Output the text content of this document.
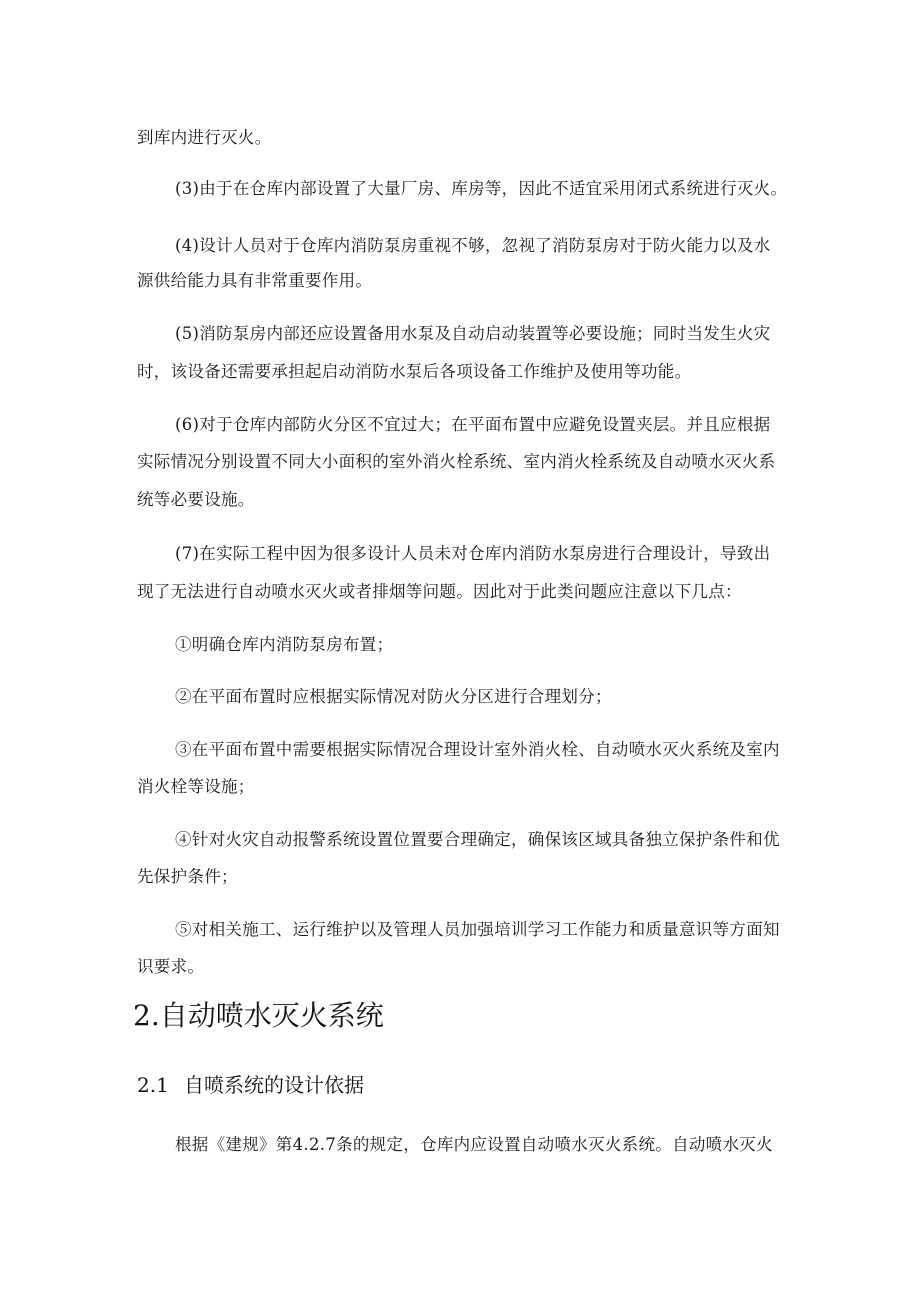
到库内进行灭火。
(3)由于在仓库内部设置了大量厂房、库房等，因此不适宜采用闭式系统进行灭火。
(4)设计人员对于仓库内消防泵房重视不够，忽视了消防泵房对于防火能力以及水
源供给能力具有非常重要作用。
(5)消防泵房内部还应设置备用水泵及自动启动装置等必要设施；同时当发生火灾
时，该设备还需要承担起启动消防水泵后各项设备工作维护及使用等功能。
(6)对于仓库内部防火分区不宜过大；在平面布置中应避免设置夹层。并且应根据
实际情况分别设置不同大小面积的室外消火栓系统、室内消火栓系统及自动喷水灭火系
统等必要设施。
(7)在实际工程中因为很多设计人员未对仓库内消防水泵房进行合理设计，导致出
现了无法进行自动喷水灭火或者排烟等问题。因此对于此类问题应注意以下几点：
①明确仓库内消防泵房布置；
②在平面布置时应根据实际情况对防火分区进行合理划分；
③在平面布置中需要根据实际情况合理设计室外消火栓、自动喷水灭火系统及室内
消火栓等设施；
④针对火灾自动报警系统设置位置要合理确定，确保该区域具备独立保护条件和优
先保护条件；
⑤对相关施工、运行维护以及管理人员加强培训学习工作能力和质量意识等方面知
识要求。
2.自动喷水灭火系统
2.1 自喷系统的设计依据
根据《建规》第4.2.7条的规定，仓库内应设置自动喷水灭火系统。自动喷水灭火
